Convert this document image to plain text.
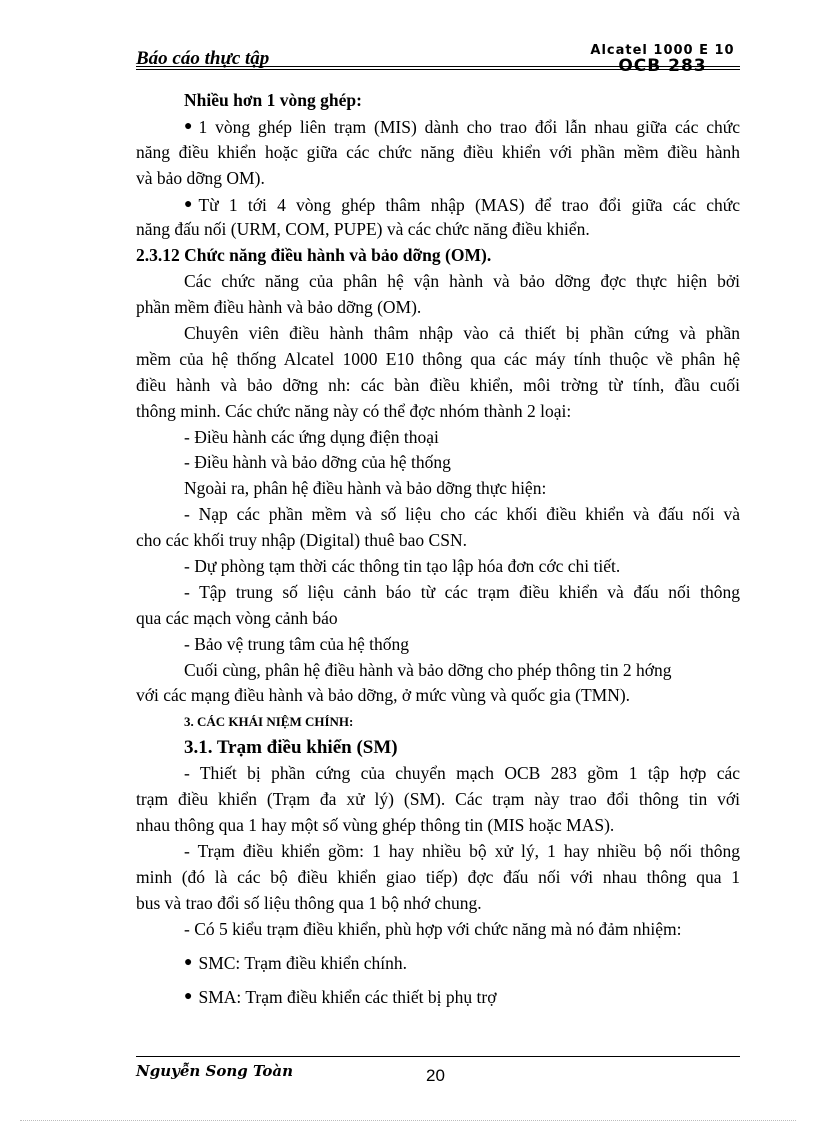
Báo cáo thực tập	Alcatel 1000 E 10
OCB 283
Nhiều hơn 1 vòng ghép:
● 1 vòng ghép liên trạm (MIS) dành cho trao đổi lẫn nhau giữa các chức
năng điều khiển hoặc giữa các chức năng điều khiển với phần mềm điều hành
và bảo dỡng OM).
● Từ 1 tới 4 vòng ghép thâm nhập (MAS) để trao đổi giữa các chức
năng đấu nối (URM, COM, PUPE) và các chức năng điều khiển.
2.3.12 Chức năng điều hành và bảo dỡng (OM).
Các chức năng của phân hệ vận hành và bảo dỡng đợc thực hiện bởi
phần mềm điều hành và bảo dỡng (OM).
Chuyên viên điều hành thâm nhập vào cả thiết bị phần cứng và phần
mềm của hệ thống Alcatel 1000 E10 thông qua các máy tính thuộc về phân hệ
điều hành và bảo dỡng nh: các bàn điều khiển, môi trờng từ tính, đầu cuối
thông minh. Các chức năng này có thể đợc nhóm thành 2 loại:
- Điều hành các ứng dụng điện thoại
- Điều hành và bảo dỡng của hệ thống
Ngoài ra, phân hệ điều hành và bảo dỡng thực hiện:
- Nạp các phần mềm và số liệu cho các khối điều khiển và đấu nối và
cho các khối truy nhập (Digital) thuê bao CSN.
- Dự phòng tạm thời các thông tin tạo lập hóa đơn cớc chi tiết.
- Tập trung số liệu cảnh báo từ các trạm điều khiển và đấu nối thông
qua các mạch vòng cảnh báo
- Bảo vệ trung tâm của hệ thống
Cuối cùng, phân hệ điều hành và bảo dỡng cho phép thông tin 2 hớng
với các mạng điều hành và bảo dỡng, ở mức vùng và quốc gia (TMN).
3. CÁC KHÁI NIỆM CHÍNH:
3.1. Trạm điều khiển (SM)
- Thiết bị phần cứng của chuyển mạch OCB 283 gồm 1 tập hợp các
trạm điều khiển (Trạm đa xử lý) (SM). Các trạm này trao đổi thông tin với
nhau thông qua 1 hay một số vùng ghép thông tin (MIS hoặc MAS).
- Trạm điều khiển gồm: 1 hay nhiều bộ xử lý, 1 hay nhiều bộ nối thông
minh (đó là các bộ điều khiển giao tiếp) đợc đấu nối với nhau thông qua 1
bus và trao đổi số liệu thông qua 1 bộ nhớ chung.
- Có 5 kiểu trạm điều khiển, phù hợp với chức năng mà nó đảm nhiệm:
● SMC: Trạm điều khiển chính.
● SMA: Trạm điều khiển các thiết bị phụ trợ
Nguyễn Song Toàn	20
